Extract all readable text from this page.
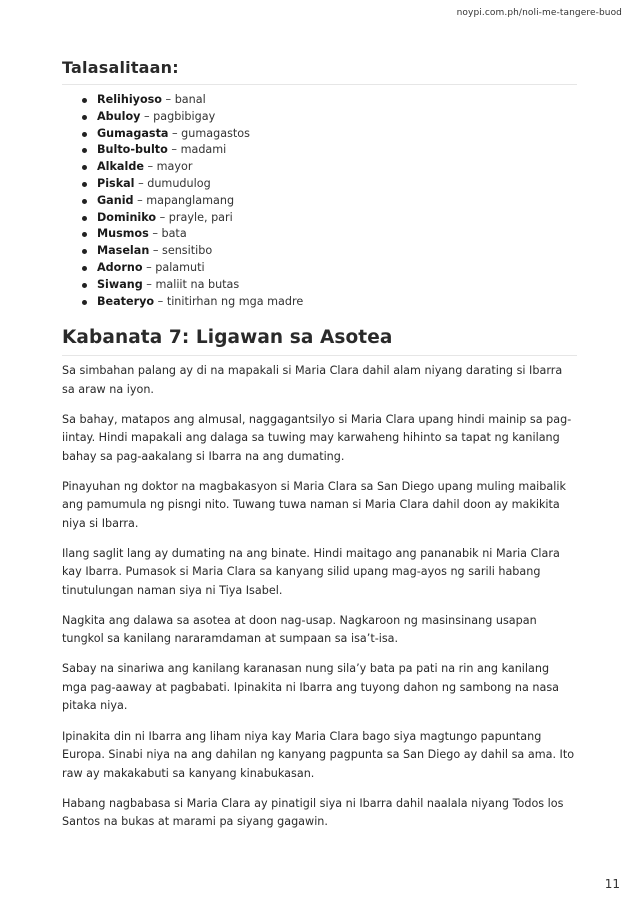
noypi.com.ph/noli-me-tangere-buod
Talasalitaan:
Relihiyoso – banal
Abuloy – pagbibigay
Gumagasta – gumagastos
Bulto-bulto – madami
Alkalde – mayor
Piskal – dumudulog
Ganid – mapanglamang
Dominiko – prayle, pari
Musmos – bata
Maselan – sensitibo
Adorno – palamuti
Siwang – maliit na butas
Beateryo – tinitirhan ng mga madre
Kabanata 7: Ligawan sa Asotea

Sa simbahan palang ay di na mapakali si Maria Clara dahil alam niyang darating si Ibarra sa araw na iyon.

Sa bahay, matapos ang almusal, naggagantsilyo si Maria Clara upang hindi mainip sa pag-iintay. Hindi mapakali ang dalaga sa tuwing may karwaheng hihinto sa tapat ng kanilang bahay sa pag-aakalang si Ibarra na ang dumating.

Pinayuhan ng doktor na magbakasyon si Maria Clara sa San Diego upang muling maibalik ang pamumula ng pisngi nito. Tuwang tuwa naman si Maria Clara dahil doon ay makikita niya si Ibarra.

Ilang saglit lang ay dumating na ang binate. Hindi maitago ang pananabik ni Maria Clara kay Ibarra. Pumasok si Maria Clara sa kanyang silid upang mag-ayos ng sarili habang tinutulungan naman siya ni Tiya Isabel.

Nagkita ang dalawa sa asotea at doon nag-usap. Nagkaroon ng masinsinang usapan tungkol sa kanilang nararamdaman at sumpaan sa isa’t-isa.

Sabay na sinariwa ang kanilang karanasan nung sila’y bata pa pati na rin ang kanilang mga pag-aaway at pagbabati. Ipinakita ni Ibarra ang tuyong dahon ng sambong na nasa pitaka niya.

Ipinakita din ni Ibarra ang liham niya kay Maria Clara bago siya magtungo papuntang Europa. Sinabi niya na ang dahilan ng kanyang pagpunta sa San Diego ay dahil sa ama. Ito raw ay makakabuti sa kanyang kinabukasan.

Habang nagbabasa si Maria Clara ay pinatigil siya ni Ibarra dahil naalala niyang Todos los Santos na bukas at marami pa siyang gagawin.

11
